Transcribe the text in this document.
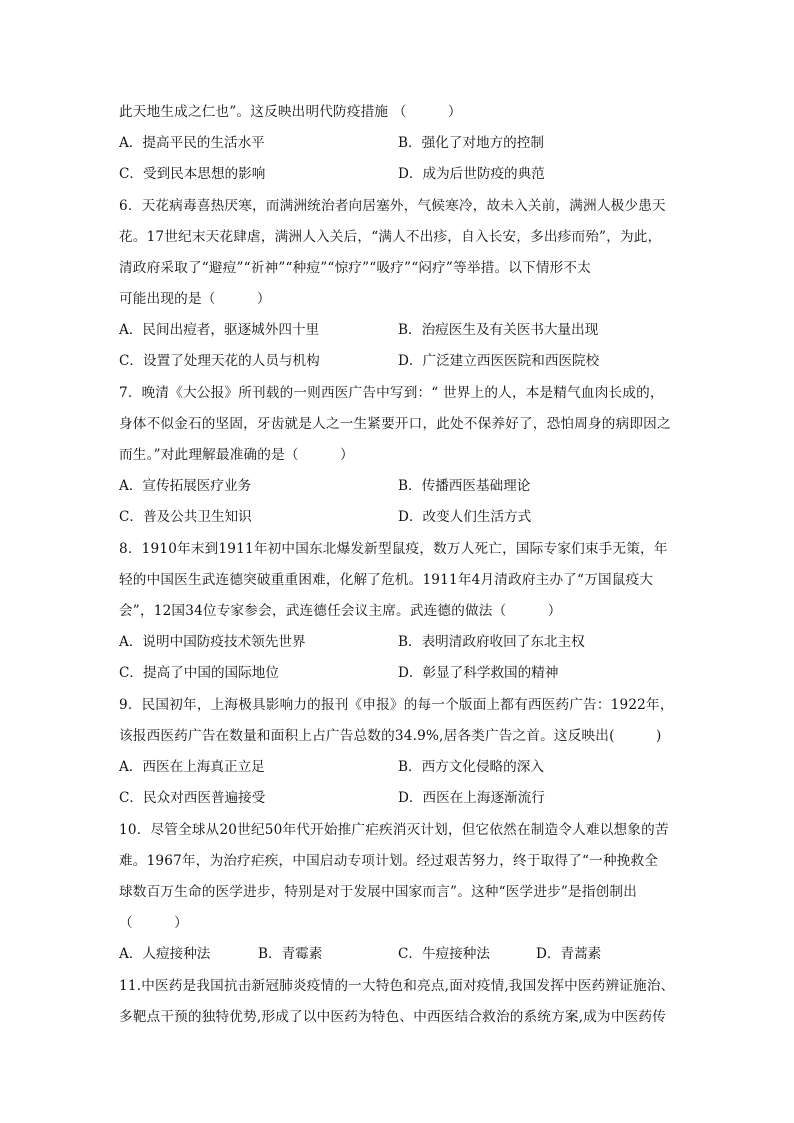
此天地生成之仁也”。这反映出明代防疫措施 （　　　）
A．提高平民的生活水平	B．强化了对地方的控制
C．受到民本思想的影响	D．成为后世防疫的典范
6．天花病毒喜热厌寒，而满洲统治者向居塞外，气候寒冷，故未入关前，满洲人极少患天
花。17世纪末天花肆虐，满洲人入关后，“满人不出疹，自入长安，多出疹而殆”，为此，
清政府采取了“避痘”“祈神”“种痘”“惊疗”“吸疗”“闷疗”等举措。以下情形不太
可能出现的是（　　　）
A．民间出痘者，驱逐城外四十里	B．治痘医生及有关医书大量出现
C．设置了处理天花的人员与机构	D．广泛建立西医医院和西医院校
7．晚清《大公报》所刊载的一则西医广告中写到：“ 世界上的人，本是精气血肉长成的，
身体不似金石的坚固，牙齿就是人之一生紧要开口，此处不保养好了，恐怕周身的病即因之
而生。”对此理解最准确的是（　　　）
A．宣传拓展医疗业务	B．传播西医基础理论
C．普及公共卫生知识	D．改变人们生活方式
8．1910年末到1911年初中国东北爆发新型鼠疫，数万人死亡，国际专家们束手无策，年
轻的中国医生武连德突破重重困难，化解了危机。1911年4月清政府主办了“万国鼠疫大
会”，12国34位专家参会，武连德任会议主席。武连德的做法（　　　）
A．说明中国防疫技术领先世界	B．表明清政府收回了东北主权
C．提高了中国的国际地位	D．彰显了科学救国的精神
9．民国初年，上海极具影响力的报刊《申报》的每一个版面上都有西医药广告：1922年，
该报西医药广告在数量和面积上占广告总数的34.9%,居各类广告之首。这反映出(　　　)
A．西医在上海真正立足	B．西方文化侵略的深入
C．民众对西医普遍接受	D．西医在上海逐渐流行
10．尽管全球从20世纪50年代开始推广疟疾消灭计划，但它依然在制造令人难以想象的苦
难。1967年，为治疗疟疾，中国启动专项计划。经过艰苦努力，终于取得了“一种挽救全
球数百万生命的医学进步，特别是对于发展中国家而言”。这种“医学进步”是指创制出
（　　　）
A．人痘接种法	B．青霉素	C．牛痘接种法	D．青蒿素
11.中医药是我国抗击新冠肺炎疫情的一大特色和亮点,面对疫情,我国发挥中医药辨证施治、
多靶点干预的独特优势,形成了以中医药为特色、中西医结合救治的系统方案,成为中医药传
